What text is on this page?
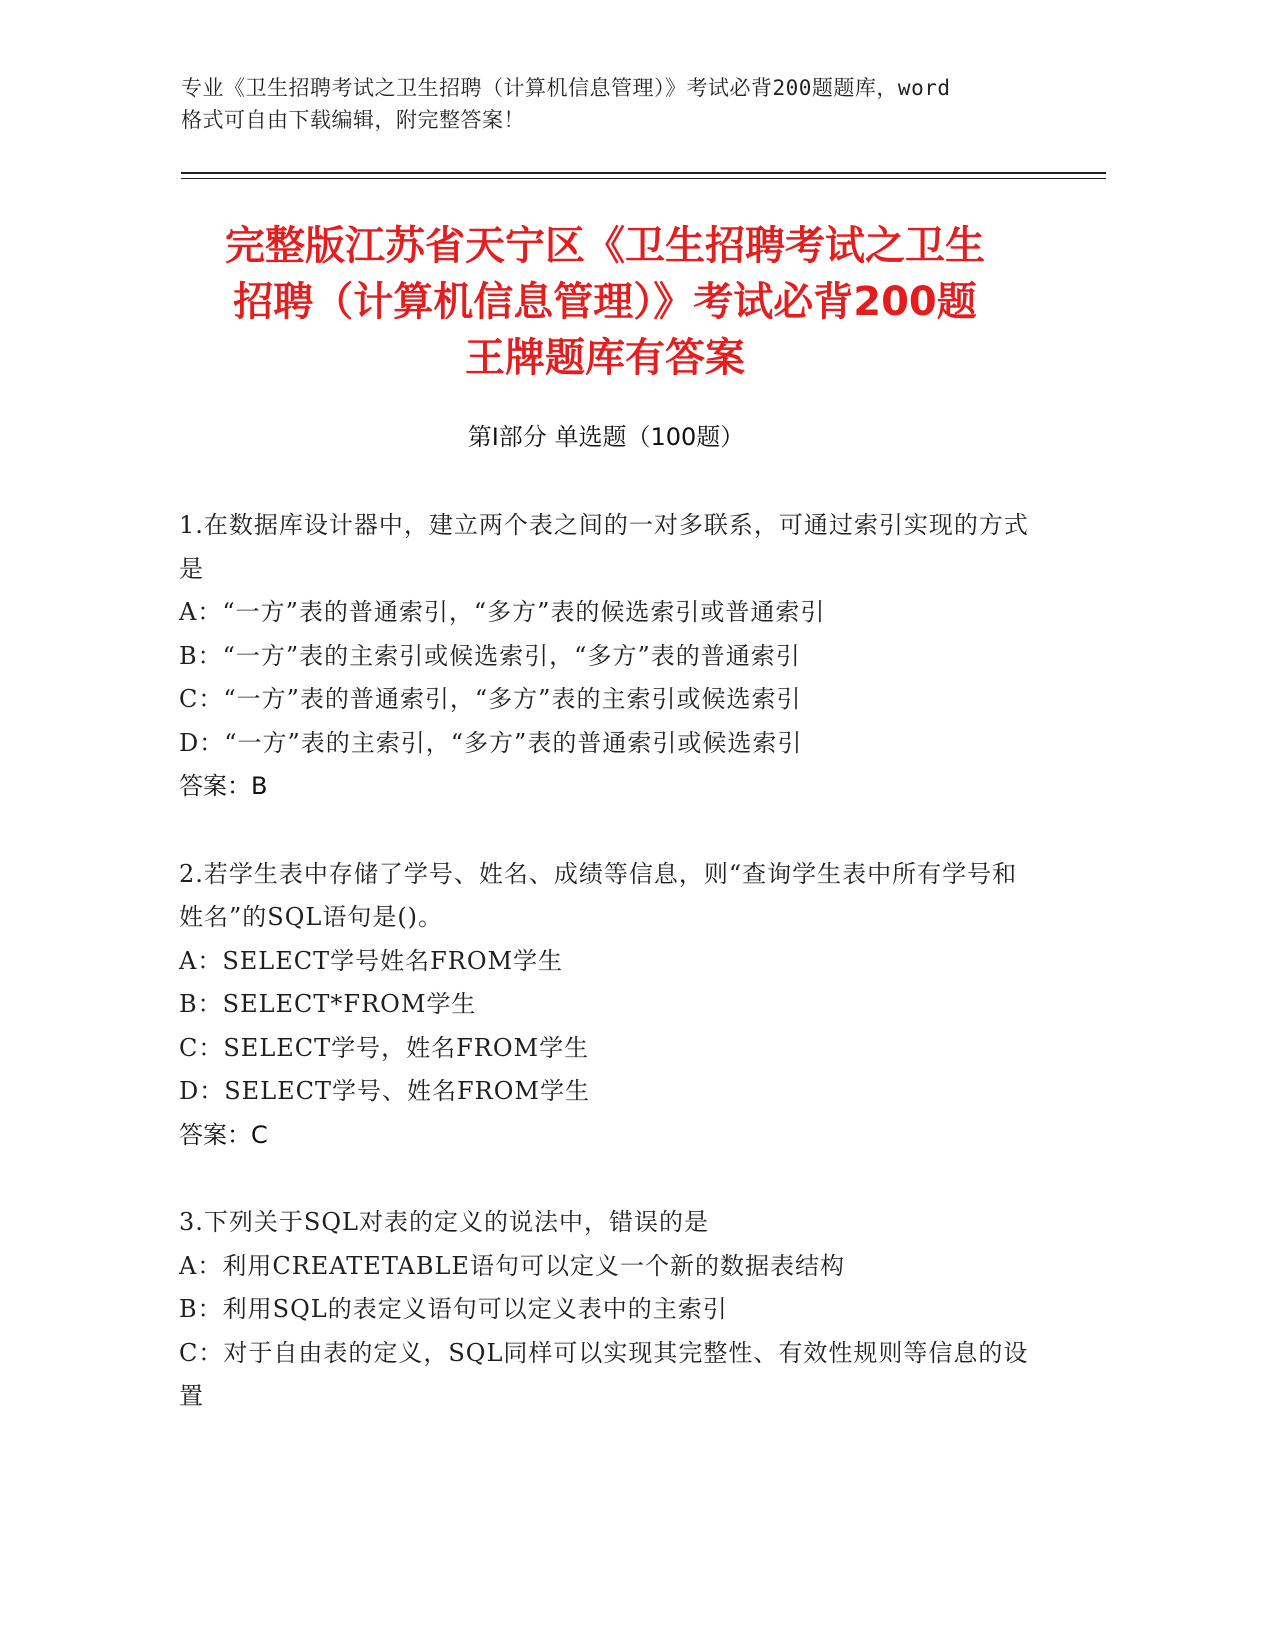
专业《卫生招聘考试之卫生招聘（计算机信息管理）》考试必背200题题库，word
格式可自由下载编辑，附完整答案！
完整版江苏省天宁区《卫生招聘考试之卫生
招聘（计算机信息管理）》考试必背200题
王牌题库有答案
第Ⅰ部分 单选题（100题）
1.在数据库设计器中，建立两个表之间的一对多联系，可通过索引实现的方式是
A：“一方”表的普通索引，“多方”表的候选索引或普通索引
B：“一方”表的主索引或候选索引，“多方”表的普通索引
C：“一方”表的普通索引，“多方”表的主索引或候选索引
D：“一方”表的主索引，“多方”表的普通索引或候选索引
答案：B
2.若学生表中存储了学号、姓名、成绩等信息，则“查询学生表中所有学号和姓名”的SQL语句是()。
A：SELECT学号姓名FROM学生
B：SELECT*FROM学生
C：SELECT学号，姓名FROM学生
D：SELECT学号、姓名FROM学生
答案：C
3.下列关于SQL对表的定义的说法中，错误的是
A：利用CREATETABLE语句可以定义一个新的数据表结构
B：利用SQL的表定义语句可以定义表中的主索引
C：对于自由表的定义，SQL同样可以实现其完整性、有效性规则等信息的设置
